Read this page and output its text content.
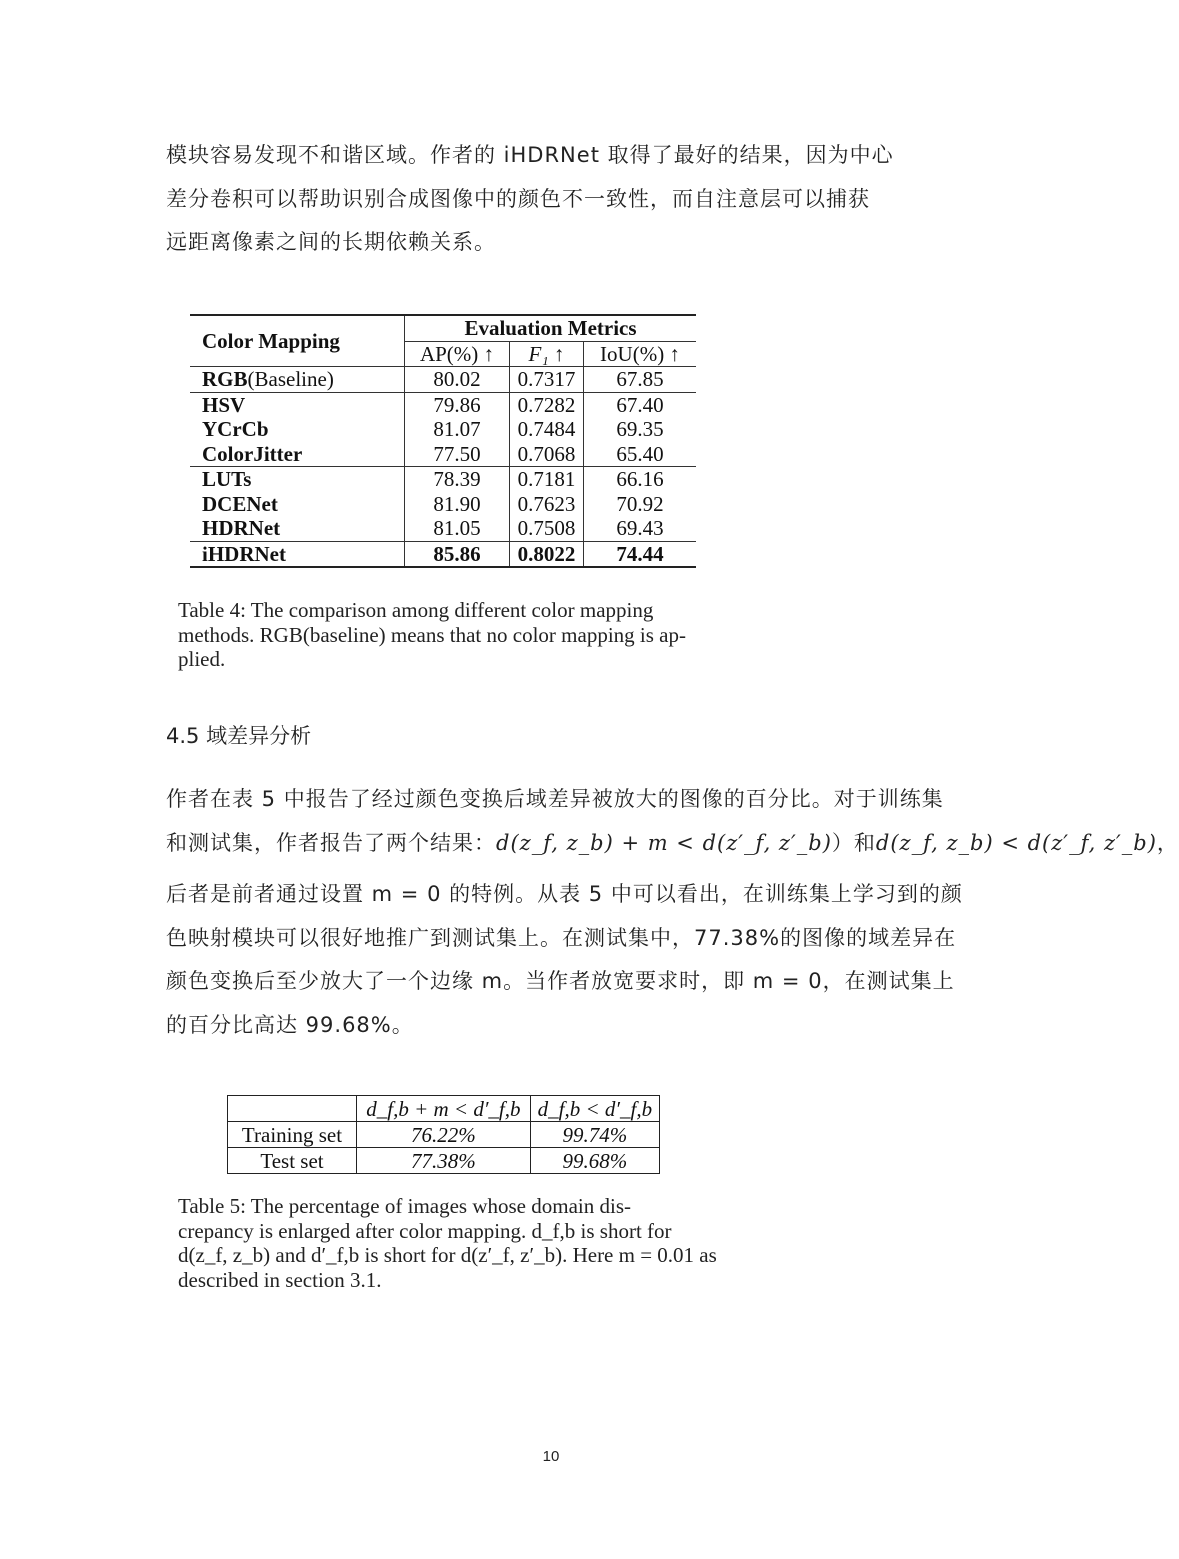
模块容易发现不和谐区域。作者的 iHDRNet 取得了最好的结果，因为中心
差分卷积可以帮助识别合成图像中的颜色不一致性，而自注意层可以捕获
远距离像素之间的长期依赖关系。
Color Mapping	Evaluation Metrics		
	AP(%) ↑	F₁ ↑	IoU(%) ↑
RGB(Baseline)	80.02	0.7317	67.85
HSV	79.86	0.7282	67.40
YCrCb	81.07	0.7484	69.35
ColorJitter	77.50	0.7068	65.40
LUTs	78.39	0.7181	66.16
DCENet	81.90	0.7623	70.92
HDRNet	81.05	0.7508	69.43
iHDRNet	85.86	0.8022	74.44
Table 4: The comparison among different color mapping
methods. RGB(baseline) means that no color mapping is ap-
plied.
4.5 域差异分析
作者在表 5 中报告了经过颜色变换后域差异被放大的图像的百分比。对于训练集
和测试集，作者报告了两个结果：d(z_f, z_b) + m < d(z′_f, z′_b)）和d(z_f, z_b) < d(z′_f, z′_b)，
后者是前者通过设置 m = 0 的特例。从表 5 中可以看出，在训练集上学习到的颜
色映射模块可以很好地推广到测试集上。在测试集中，77.38%的图像的域差异在
颜色变换后至少放大了一个边缘 m。当作者放宽要求时，即 m = 0，在测试集上
的百分比高达 99.68%。
	d_f,b + m < d′_f,b	d_f,b < d′_f,b
Training set	76.22%	99.74%
Test set	77.38%	99.68%
Table 5: The percentage of images whose domain dis-
crepancy is enlarged after color mapping. d_f,b is short for
d(z_f, z_b) and d′_f,b is short for d(z′_f, z′_b). Here m = 0.01 as
described in section 3.1.
10
